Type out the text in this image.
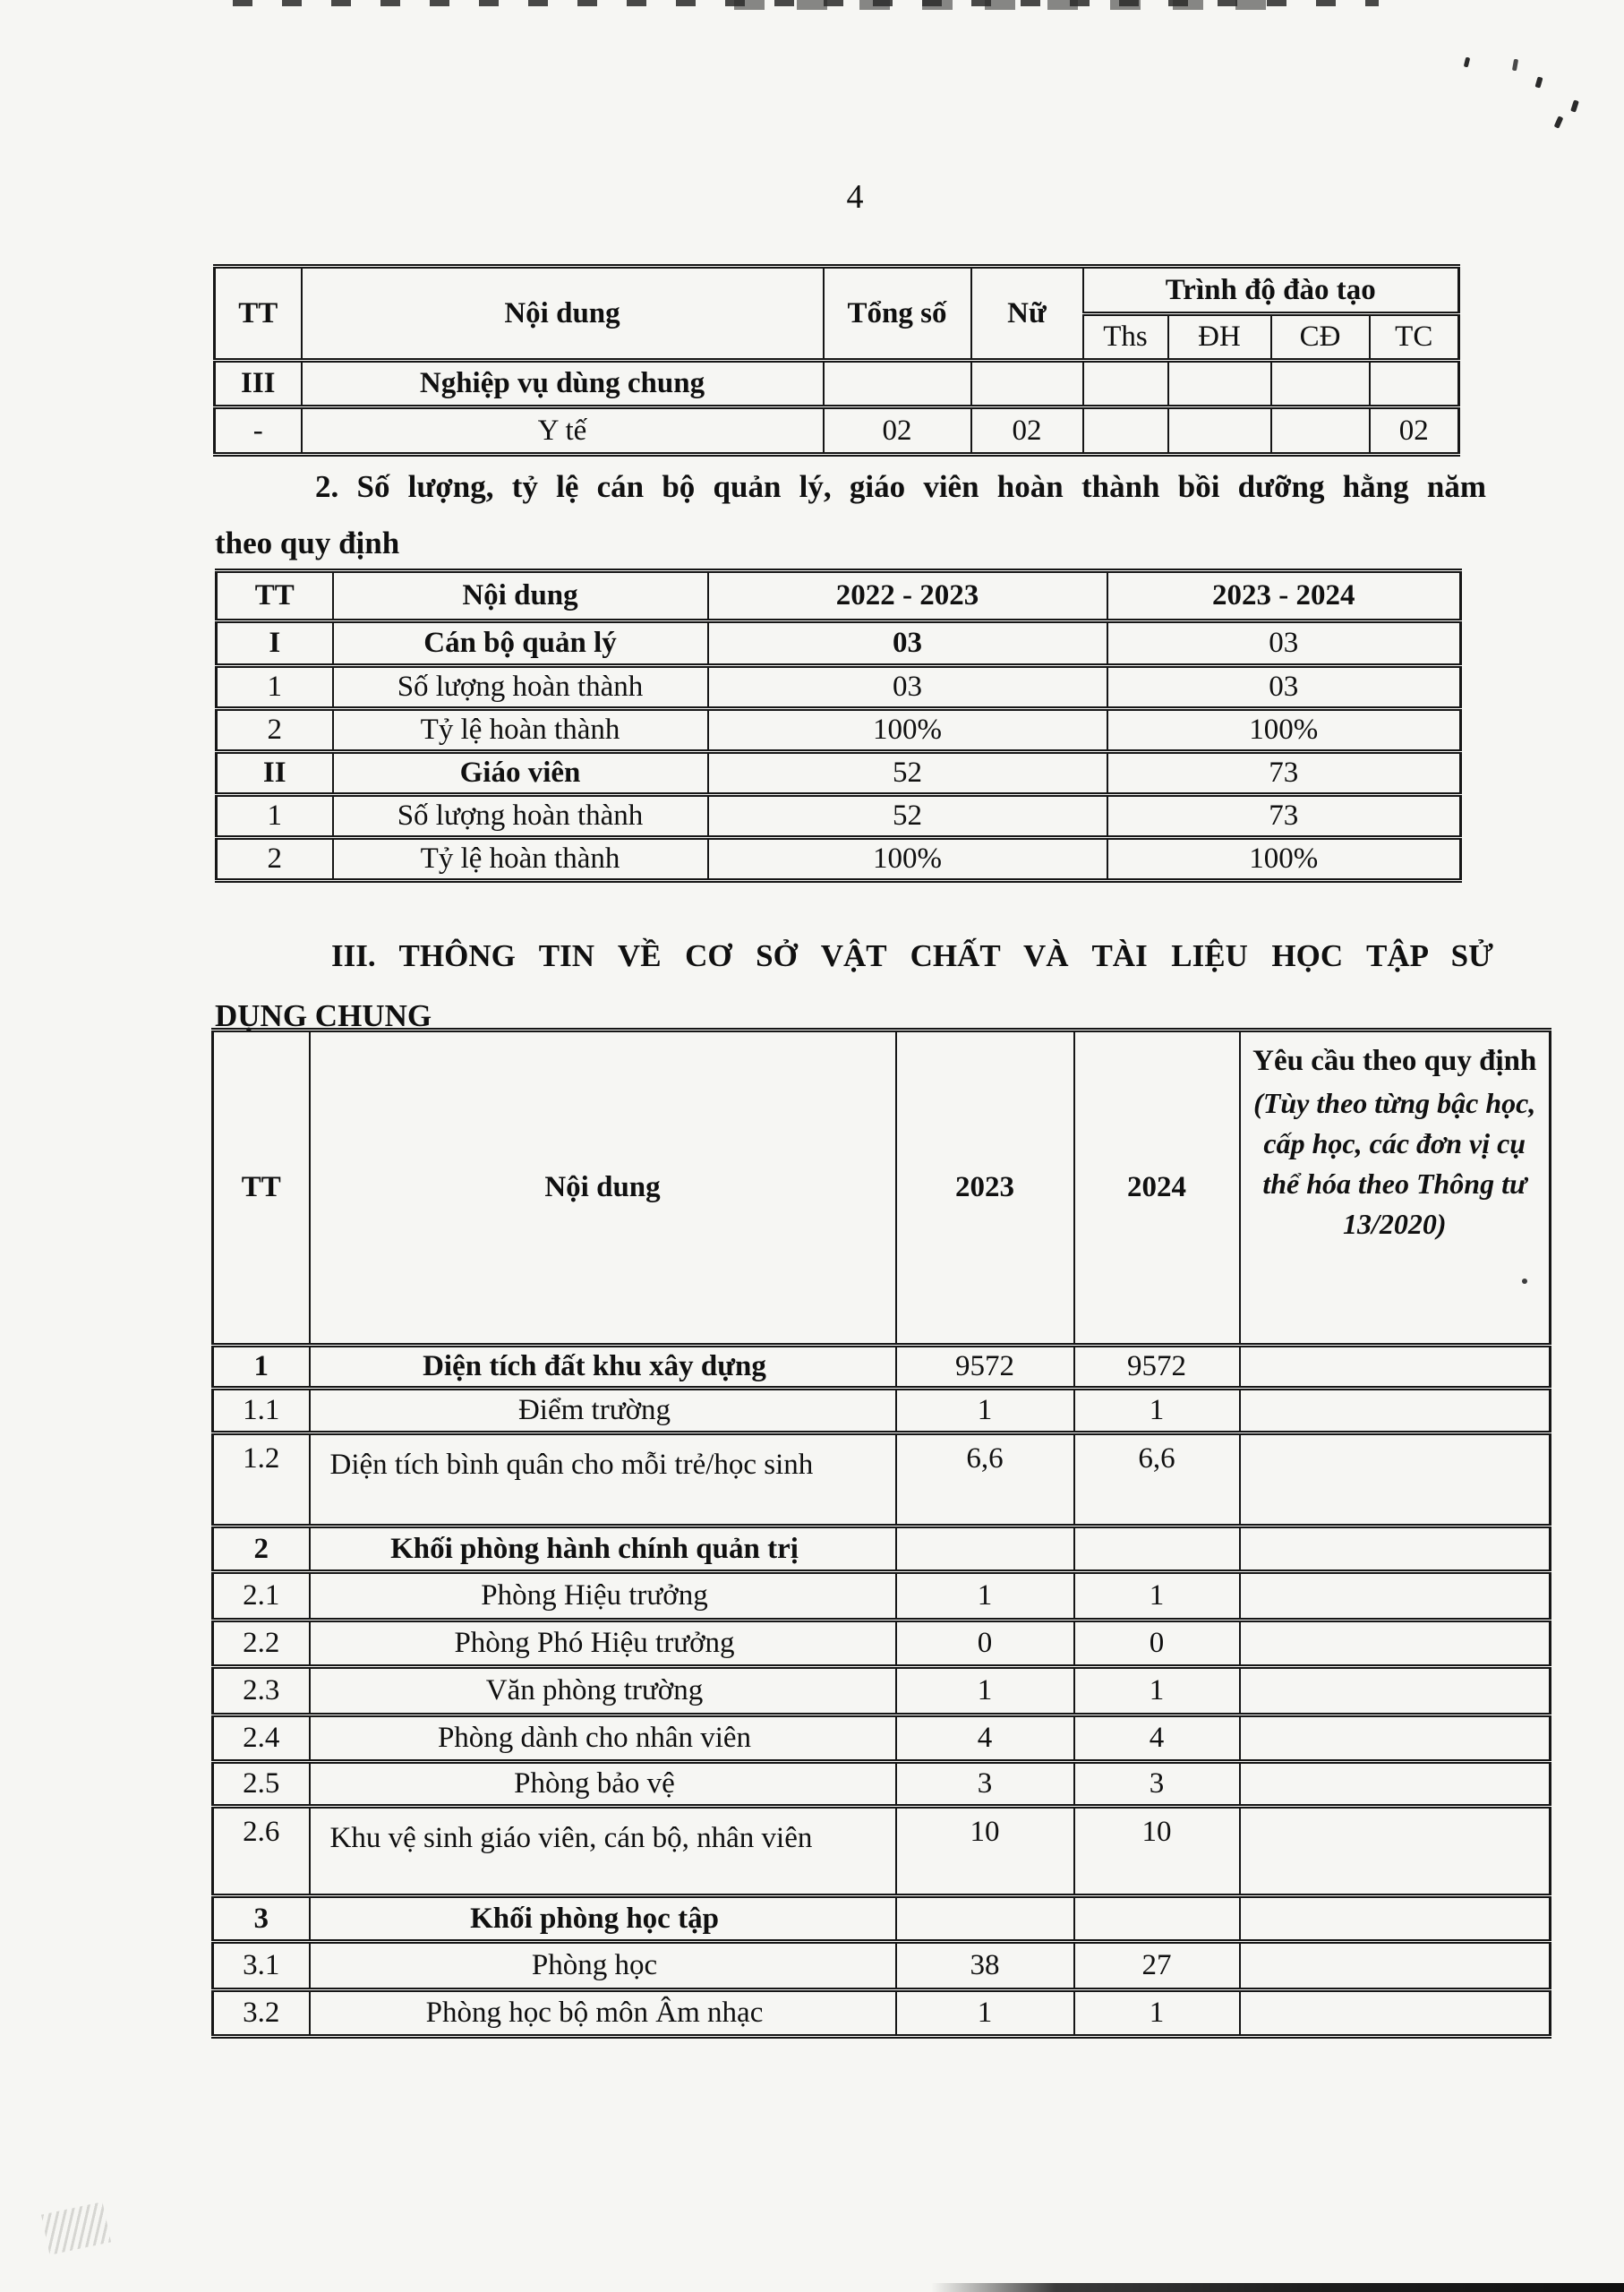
4
TT	Nội dung	Tổng số	Nữ	Trình độ đào tạo			
				Ths	ĐH	CĐ	TC
III	Nghiệp vụ dùng chung						
-	Y tế	02	02				02
2. Số lượng, tỷ lệ cán bộ quản lý, giáo viên hoàn thành bồi dưỡng hằng năm
theo quy định
TT	Nội dung	2022 - 2023	2023 - 2024
I	Cán bộ quản lý	03	03
1	Số lượng hoàn thành	03	03
2	Tỷ lệ hoàn thành	100%	100%
II	Giáo viên	52	73
1	Số lượng hoàn thành	52	73
2	Tỷ lệ hoàn thành	100%	100%
III. THÔNG TIN VỀ CƠ SỞ VẬT CHẤT VÀ TÀI LIỆU HỌC TẬP SỬ
DỤNG CHUNG
TT	Nội dung	2023	2024	Yêu cầu theo quy định
(Tùy theo từng bậc học, cấp học, các đơn vị cụ thể hóa theo Thông tư 13/2020)

1	Diện tích đất khu xây dựng	9572	9572	
1.1	Điểm trường	1	1	
1.2	Diện tích bình quân cho mỗi trẻ/học sinh	6,6	6,6	
2	Khối phòng hành chính quản trị			
2.1	Phòng Hiệu trưởng	1	1	
2.2	Phòng Phó Hiệu trưởng	0	0	
2.3	Văn phòng trường	1	1	
2.4	Phòng dành cho nhân viên	4	4	
2.5	Phòng bảo vệ	3	3	
2.6	Khu vệ sinh giáo viên, cán bộ, nhân viên	10	10	
3	Khối phòng học tập			
3.1	Phòng học	38	27	
3.2	Phòng học bộ môn Âm nhạc	1	1	
